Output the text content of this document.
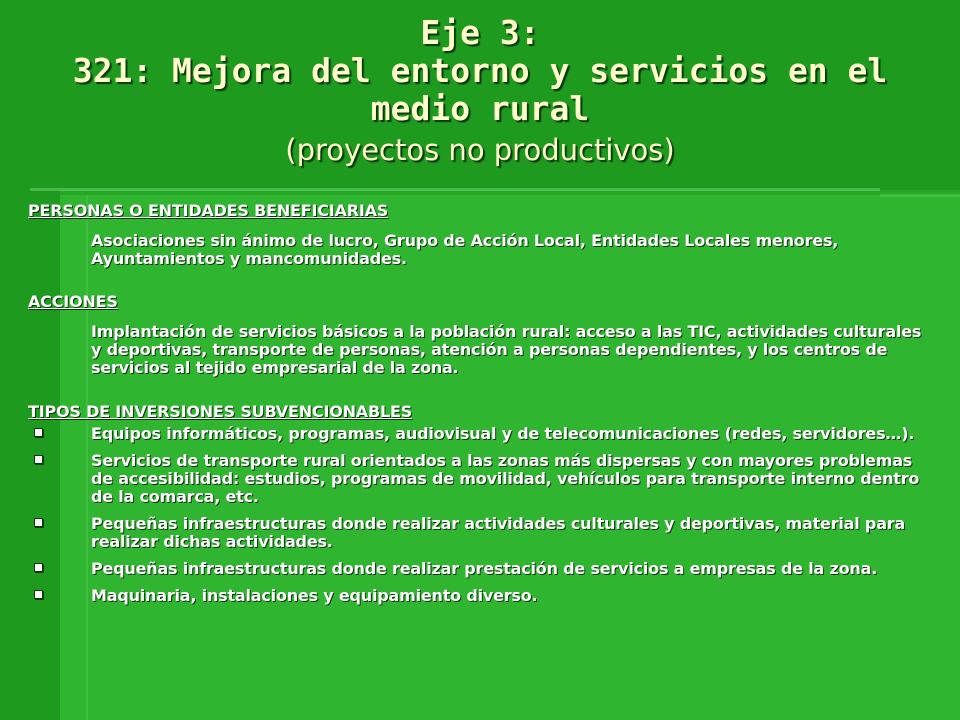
Eje 3:
321: Mejora del entorno y servicios en el medio rural
(proyectos no productivos)
PERSONAS O ENTIDADES BENEFICIARIAS
Asociaciones sin ánimo de lucro, Grupo de Acción Local, Entidades Locales menores, Ayuntamientos y mancomunidades.
ACCIONES
Implantación de servicios básicos a la población rural: acceso a las TIC, actividades culturales y deportivas, transporte de personas, atención a personas dependientes, y los centros de servicios al tejido empresarial de la zona.
TIPOS DE INVERSIONES SUBVENCIONABLES
Equipos informáticos, programas, audiovisual y de telecomunicaciones (redes, servidores…).
Servicios de transporte rural orientados a las zonas más dispersas y con mayores problemas de accesibilidad: estudios, programas de movilidad, vehículos para transporte interno dentro de la comarca, etc.
Pequeñas infraestructuras donde realizar actividades culturales y deportivas, material para realizar dichas actividades.
Pequeñas infraestructuras donde realizar prestación de servicios a empresas de la zona.
Maquinaria, instalaciones y equipamiento diverso.
